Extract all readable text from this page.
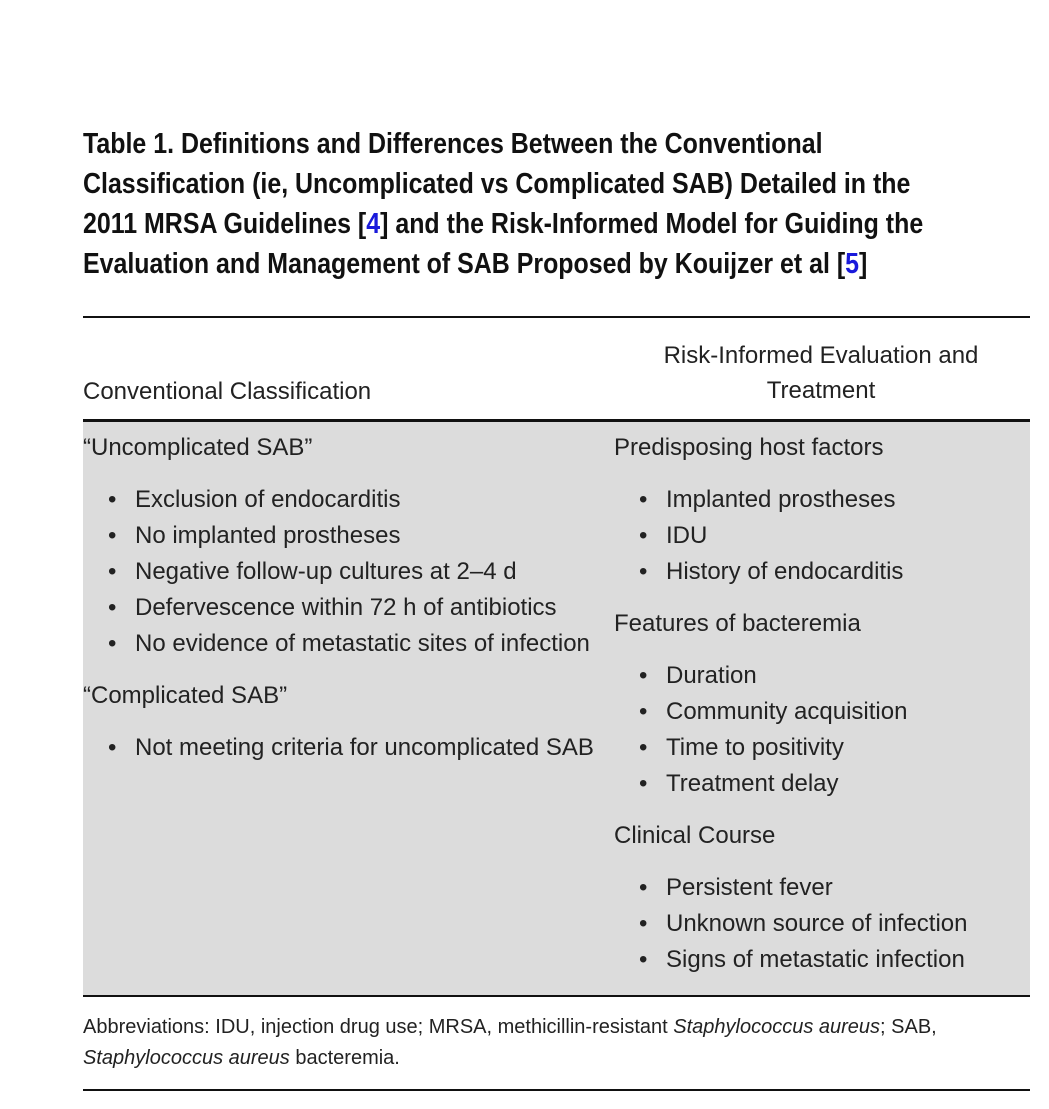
Table 1. Definitions and Differences Between the Conventional
Classification (ie, Uncomplicated vs Complicated SAB) Detailed in the
2011 MRSA Guidelines [4] and the Risk-Informed Model for Guiding the
Evaluation and Management of SAB Proposed by Kouijzer et al [5]
Conventional Classification
Risk-Informed Evaluation and
Treatment
“Uncomplicated SAB”
• Exclusion of endocarditis
• No implanted prostheses
• Negative follow-up cultures at 2–4 d
• Defervescence within 72 h of antibiotics
• No evidence of metastatic sites of infection
“Complicated SAB”
• Not meeting criteria for uncomplicated SAB
Predisposing host factors
• Implanted prostheses
• IDU
• History of endocarditis
Features of bacteremia
• Duration
• Community acquisition
• Time to positivity
• Treatment delay
Clinical Course
• Persistent fever
• Unknown source of infection
• Signs of metastatic infection
Abbreviations: IDU, injection drug use; MRSA, methicillin-resistant Staphylococcus aureus; SAB, Staphylococcus aureus bacteremia.
